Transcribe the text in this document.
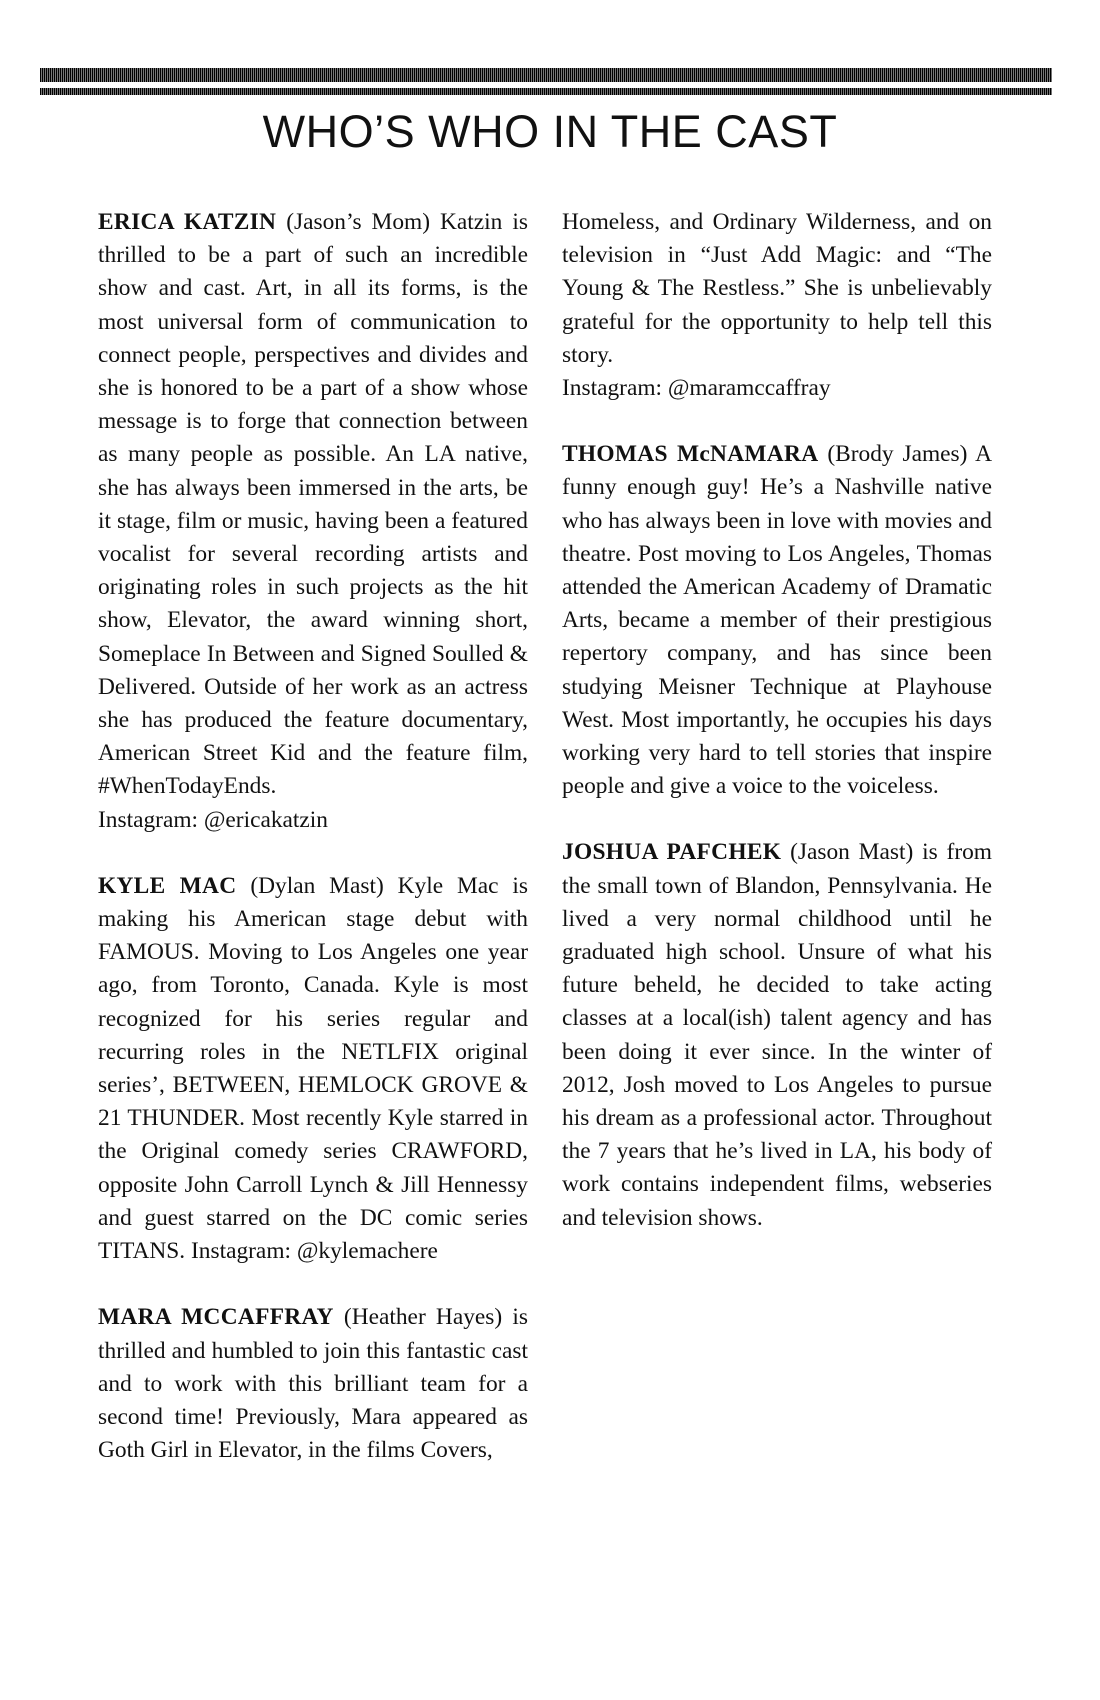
WHO’S WHO IN THE CAST

ERICA KATZIN (Jason’s Mom) Katzin is thrilled to be a part of such an incredible show and cast. Art, in all its forms, is the most universal form of communication to connect people, perspectives and divides and she is honored to be a part of a show whose message is to forge that connection between as many people as possible. An LA native, she has always been immersed in the arts, be it stage, film or music, having been a featured vocalist for several recording artists and originating roles in such projects as the hit show, Elevator, the award winning short, Someplace In Between and Signed Soulled & Delivered. Outside of her work as an actress she has produced the feature documentary, American Street Kid and the feature film, #WhenTodayEnds.
Instagram: @ericakatzin

KYLE MAC (Dylan Mast) Kyle Mac is making his American stage debut with FAMOUS. Moving to Los Angeles one year ago, from Toronto, Canada. Kyle is most recognized for his series regular and recurring roles in the NETLFIX original series’, BETWEEN, HEMLOCK GROVE & 21 THUNDER. Most recently Kyle starred in the Original comedy series CRAWFORD, opposite John Carroll Lynch & Jill Hennessy and guest starred on the DC comic series TITANS. Instagram: @kylemachere

MARA MCCAFFRAY (Heather Hayes) is thrilled and humbled to join this fantastic cast and to work with this brilliant team for a second time! Previously, Mara appeared as Goth Girl in Elevator, in the films Covers,

Homeless, and Ordinary Wilderness, and on television in “Just Add Magic: and “The Young & The Restless.” She is unbelievably grateful for the opportunity to help tell this story.
Instagram: @maramccaffray

THOMAS McNAMARA (Brody James) A funny enough guy! He’s a Nashville native who has always been in love with movies and theatre. Post moving to Los Angeles, Thomas attended the American Academy of Dramatic Arts, became a member of their prestigious repertory company, and has since been studying Meisner Technique at Playhouse West. Most importantly, he occupies his days working very hard to tell stories that inspire people and give a voice to the voiceless.

JOSHUA PAFCHEK (Jason Mast) is from the small town of Blandon, Pennsylvania. He lived a very normal childhood until he graduated high school. Unsure of what his future beheld, he decided to take acting classes at a local(ish) talent agency and has been doing it ever since. In the winter of 2012, Josh moved to Los Angeles to pursue his dream as a professional actor. Throughout the 7 years that he’s lived in LA, his body of work contains independent films, webseries and television shows.
